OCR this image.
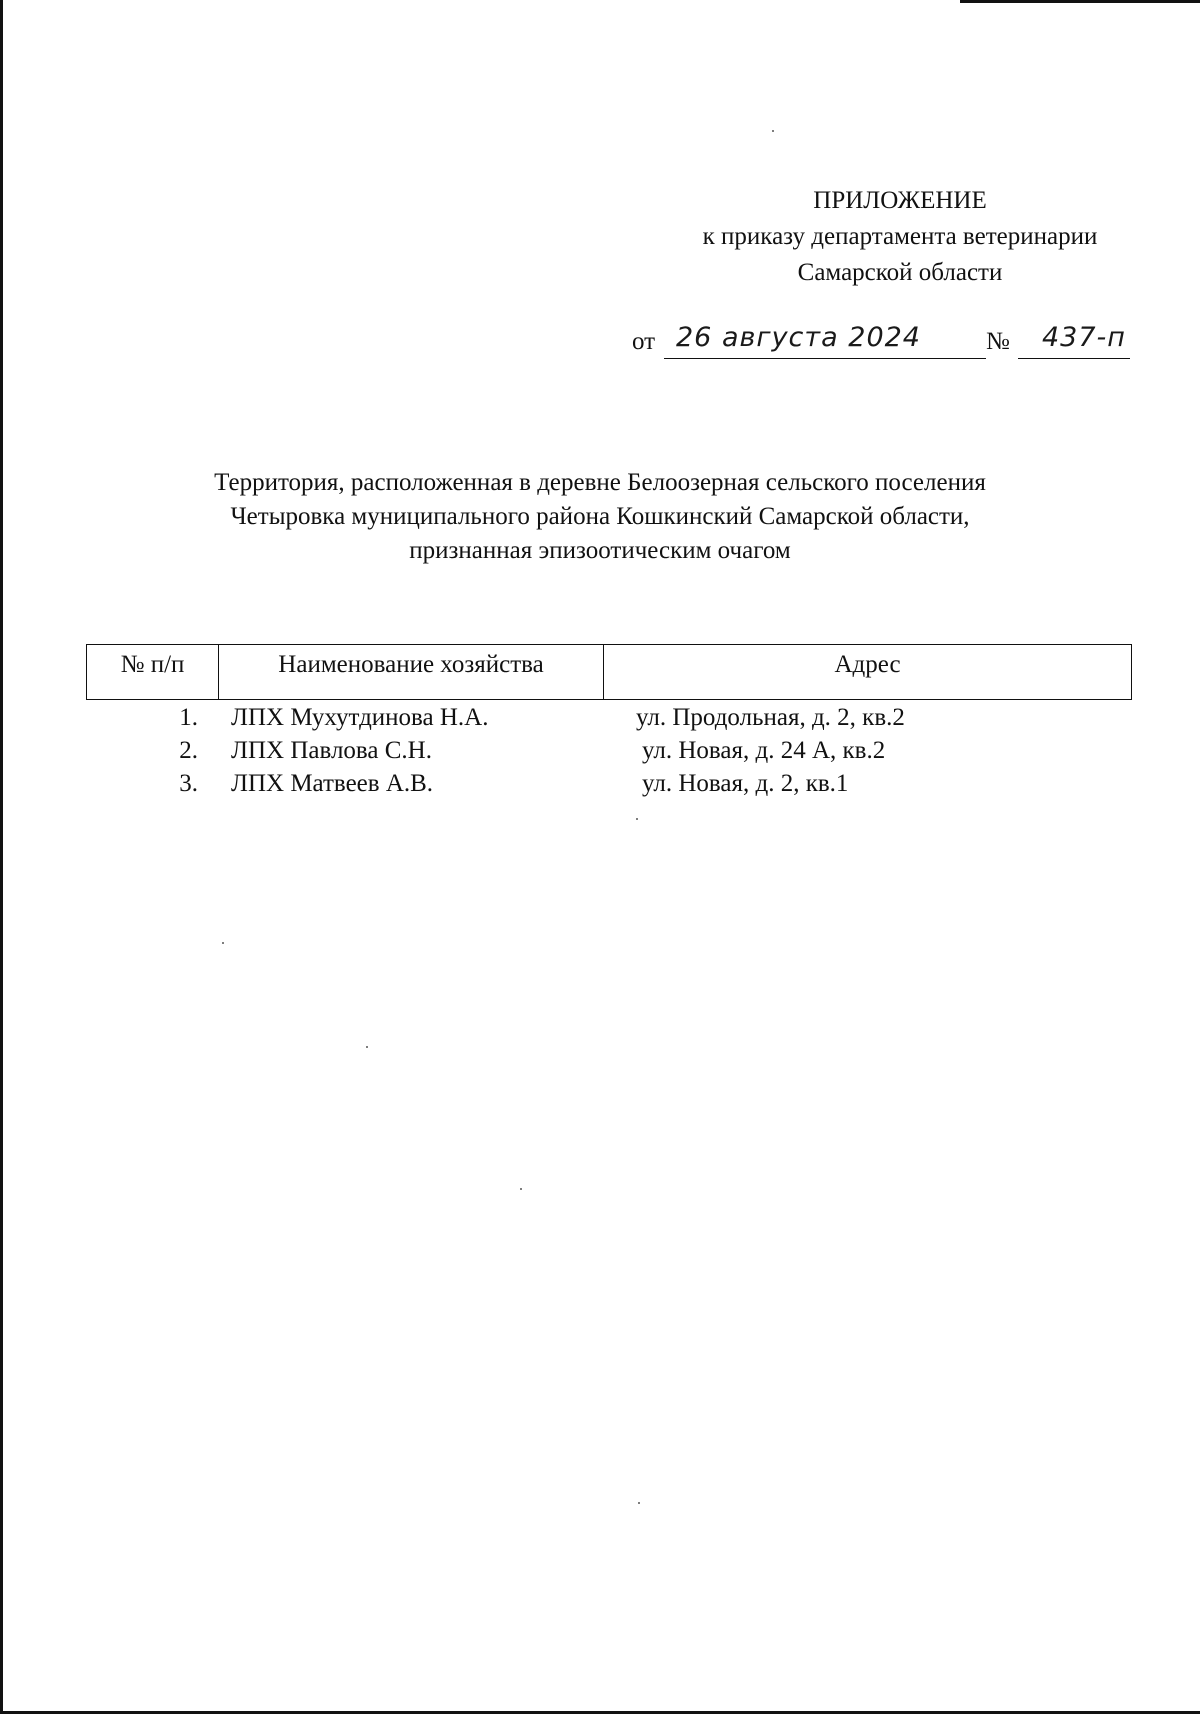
ПРИЛОЖЕНИЕ
к приказу департамента ветеринарии
Самарской области
от 26 августа 2024	№ 437-п
Территория, расположенная в деревне Белоозерная сельского поселения
Четыровка муниципального района Кошкинский Самарской области,
признанная эпизоотическим очагом
№ п/п	Наименование хозяйства	Адрес
1. ЛПХ Мухутдинова Н.А.	ул. Продольная, д. 2, кв.2
2. ЛПХ Павлова С.Н.	ул. Новая, д. 24 А, кв.2
3. ЛПХ Матвеев А.В.	ул. Новая, д. 2, кв.1
